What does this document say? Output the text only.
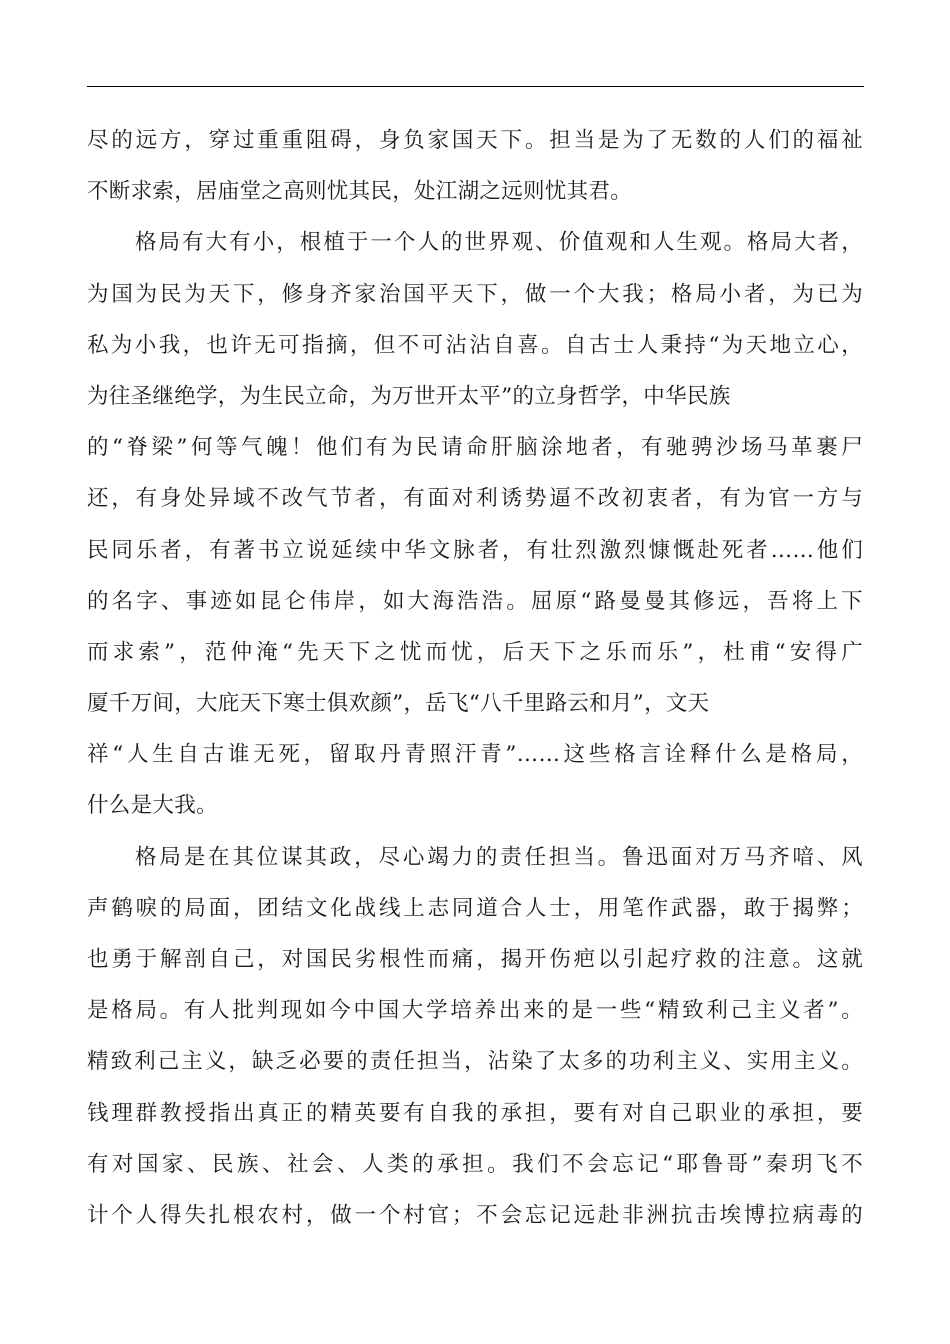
尽的远方，穿过重重阻碍，身负家国天下。担当是为了无数的人们的福祉
不断求索，居庙堂之高则忧其民，处江湖之远则忧其君。
格局有大有小，根植于一个人的世界观、价值观和人生观。格局大者，
为国为民为天下，修身齐家治国平天下，做一个大我；格局小者，为已为
私为小我，也许无可指摘，但不可沾沾自喜。自古士人秉持“为天地立心，
为往圣继绝学，为生民立命，为万世开太平”的立身哲学，中华民族
的“脊梁”何等气魄！他们有为民请命肝脑涂地者，有驰骋沙场马革裹尸
还，有身处异域不改气节者，有面对利诱势逼不改初衷者，有为官一方与
民同乐者，有著书立说延续中华文脉者，有壮烈激烈慷慨赴死者……他们
的名字、事迹如昆仑伟岸，如大海浩浩。屈原“路曼曼其修远，吾将上下
而求索”，范仲淹“先天下之忧而忧，后天下之乐而乐”，杜甫“安得广
厦千万间，大庇天下寒士俱欢颜”，岳飞“八千里路云和月”，文天
祥“人生自古谁无死，留取丹青照汗青”……这些格言诠释什么是格局，
什么是大我。
格局是在其位谋其政，尽心竭力的责任担当。鲁迅面对万马齐喑、风
声鹤唳的局面，团结文化战线上志同道合人士，用笔作武器，敢于揭弊；
也勇于解剖自己，对国民劣根性而痛，揭开伤疤以引起疗救的注意。这就
是格局。有人批判现如今中国大学培养出来的是一些“精致利己主义者”。
精致利己主义，缺乏必要的责任担当，沾染了太多的功利主义、实用主义。
钱理群教授指出真正的精英要有自我的承担，要有对自己职业的承担，要
有对国家、民族、社会、人类的承担。我们不会忘记“耶鲁哥”秦玥飞不
计个人得失扎根农村，做一个村官；不会忘记远赴非洲抗击埃博拉病毒的
